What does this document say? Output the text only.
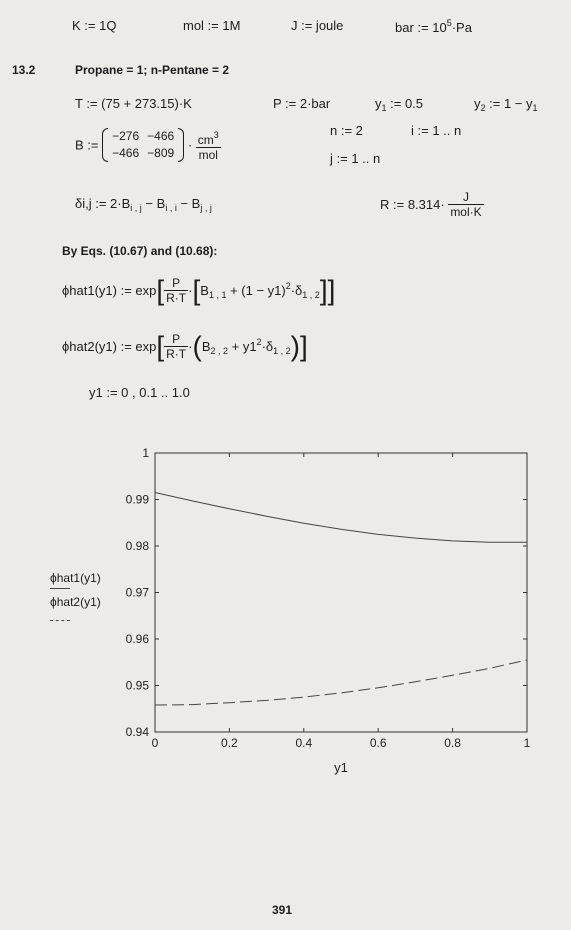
K := 1Q	mol := 1M	J := joule	bar := $10^5\cdot Pa$
13.2	Propane = 1; n-Pentane = 2
T := (75 + 273.15)·K	P := 2·bar	$y_1$ := 0.5	$y_2$ := $1 - y_1$
B :=
−276	−466
−466	−809
· $\frac{cm^3}{\text{mol}}$	n := 2	i := 1 .. n
j := 1 .. n
δi,j := $2\cdot B_{i , j} - B_{i , i} - B_{j , j}$	R := $8.314\cdot \frac{J}{\text{mol·K}}$
By Eqs. (10.67) and (10.68):
ϕhat1(y1) := $\exp[ \frac{P}{R\cdot T} \cdot[B_{1 , 1} + (1 - y1)^2\cdot\delta_{1 , 2}]]$
ϕhat2(y1) := $\exp[ \frac{P}{R\cdot T} \cdot(B_{2 , 2} + y1^2\cdot\delta_{1 , 2})]$
y1 := 0 , 0.1 .. 1.0
0.94
0.95
0.96
0.97
0.98
0.99
1
0	0.2	0.4	0.6	0.8	1
y1
ϕhat1(y1)
ϕhat2(y1)
391
